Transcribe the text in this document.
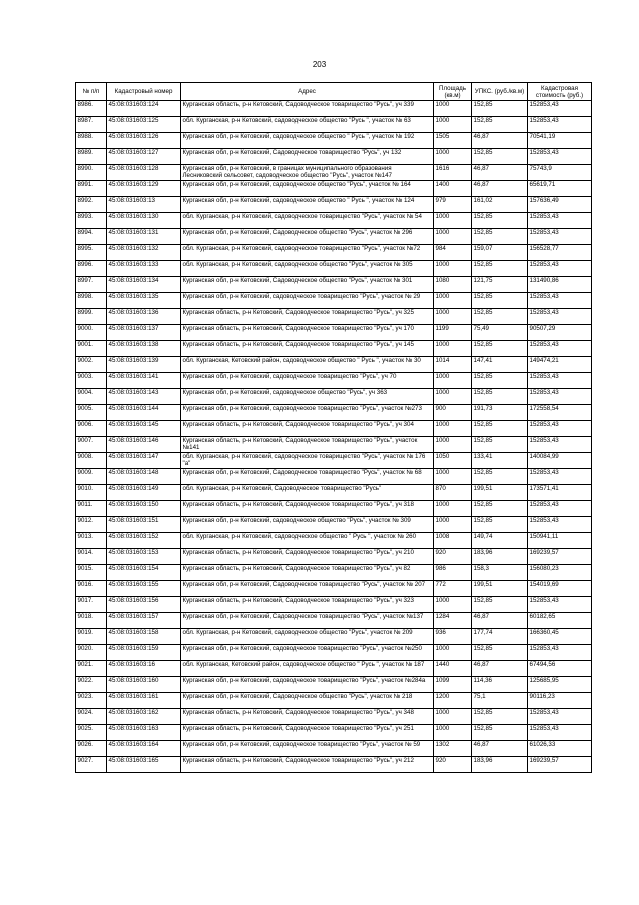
203
№ п/п	Кадастровый номер	Адрес	Площадь (кв.м)	УПКС. (руб./кв.м)	Кадастровая стоимость (руб.)
8986.	45:08:031603:124	Курганская область, р-н Кетовский, Садоводческое товарищество "Русь", уч 339	1000	152,85	152853,43
8987.	45:08:031603:125	обл. Курганская, р-н Кетовский, садоводческое общество "Русь ", участок № 63	1000	152,85	152853,43
8988.	45:08:031603:126	Курганская обл, р-н Кетовский, садоводческое общество " Русь ", участок № 192	1505	46,87	70541,19
8989.	45:08:031603:127	Курганская обл, р-н Кетовский, Садоводческое товарищество "Русь", уч 132	1000	152,85	152853,43
8990.	45:08:031603:128	Курганская обл, р-н Кетовский, в границах муниципального образования Лесниковский сельсовет, садоводческое общество "Русь", участок №147	1616	46,87	75743,9
8991.	45:08:031603:129	Курганская обл, р-н Кетовский, садоводческое общество "Русь", участок № 164	1400	46,87	65619,71
8992.	45:08:031603:13	Курганская обл, р-н Кетовский, садоводческое общество " Русь ", участок № 124	979	161,02	157636,49
8993.	45:08:031603:130	обл. Курганская, р-н Кетовский, садоводческое товарищество "Русь", участок № 54	1000	152,85	152853,43
8994.	45:08:031603:131	Курганская обл, р-н Кетовский, Садоводческое общество "Русь", участок № 296	1000	152,85	152853,43
8995.	45:08:031603:132	обл. Курганская, р-н Кетовский, садоводческое товарищество "Русь", участок №72	984	159,07	156528,77
8996.	45:08:031603:133	обл. Курганская, р-н Кетовский, садоводческое общество "Русь", участок № 305	1000	152,85	152853,43
8997.	45:08:031603:134	Курганская обл, р-н Кетовский, Садоводческое общество "Русь", участок № 301	1080	121,75	131490,86
8998.	45:08:031603:135	Курганская обл, р-н Кетовский, садоводческое товарищество "Русь", участок № 29	1000	152,85	152853,43
8999.	45:08:031603:136	Курганская область, р-н Кетовский, Садоводческое товарищество "Русь", уч 325	1000	152,85	152853,43
9000.	45:08:031603:137	Курганская область, р-н Кетовский, Садоводческое товарищество "Русь", уч 170	1199	75,49	90507,29
9001.	45:08:031603:138	Курганская область, р-н Кетовский, Садоводческое товарищество "Русь", уч 145	1000	152,85	152853,43
9002.	45:08:031603:139	обл. Курганская, Кетовский район, садоводческое общество " Русь ", участок № 30	1014	147,41	149474,21
9003.	45:08:031603:141	Курганская обл, р-н Кетовский, садоводческое товарищество "Русь", уч 70	1000	152,85	152853,43
9004.	45:08:031603:143	Курганская обл, р-н Кетовский, садоводческое общество "Русь", уч 363	1000	152,85	152853,43
9005.	45:08:031603:144	Курганская обл, р-н Кетовский, садоводческое товарищество "Русь", участок №273	900	191,73	172558,54
9006.	45:08:031603:145	Курганская область, р-н Кетовский, Садоводческое товарищество "Русь", уч 304	1000	152,85	152853,43
9007.	45:08:031603:146	Курганская область, р-н Кетовский, Садоводческое товарищество "Русь", участок №141	1000	152,85	152853,43
9008.	45:08:031603:147	обл. Курганская, р-н Кетовский, садоводческое товарищество "Русь", участок № 176 "а"	1050	133,41	140084,99
9009.	45:08:031603:148	Курганская обл, р-н Кетовский, Садоводческое товарищество "Русь", участок № 68	1000	152,85	152853,43
9010.	45:08:031603:149	обл. Курганская, р-н Кетовский, Садоводческое товарищество "Русь"	870	199,51	173571,41
9011.	45:08:031603:150	Курганская область, р-н Кетовский, Садоводческое товарищество "Русь", уч 318	1000	152,85	152853,43
9012.	45:08:031603:151	Курганская обл, р-н Кетовский, садоводческое общество "Русь", участок № 309	1000	152,85	152853,43
9013.	45:08:031603:152	обл. Курганская, р-н Кетовский, садоводческое общество " Русь ", участок № 260	1008	149,74	150941,11
9014.	45:08:031603:153	Курганская область, р-н Кетовский, Садоводческое товарищество "Русь", уч 210	920	183,96	169239,57
9015.	45:08:031603:154	Курганская область, р-н Кетовский, Садоводческое товарищество "Русь", уч 82	986	158,3	156080,23
9016.	45:08:031603:155	Курганская обл, р-н Кетовский, Садоводческое товарищество "Русь", участок № 207	772	199,51	154019,69
9017.	45:08:031603:156	Курганская область, р-н Кетовский, Садоводческое товарищество "Русь", уч 323	1000	152,85	152853,43
9018.	45:08:031603:157	Курганская обл, р-н Кетовский, Садоводческое товарищество "Русь", участок №137	1284	46,87	60182,65
9019.	45:08:031603:158	обл. Курганская, р-н Кетовский, садоводческое общество "Русь", участок № 209	936	177,74	166360,45
9020.	45:08:031603:159	Курганская обл, р-н Кетовский, садоводческое товарищество "Русь", участок №250	1000	152,85	152853,43
9021.	45:08:031603:16	обл. Курганская, Кетовский район, садоводческое общество " Русь ", участок № 187	1440	46,87	67494,56
9022.	45:08:031603:160	Курганская обл, р-н Кетовский, садоводческое товарищество "Русь", участок №284а	1099	114,36	125685,95
9023.	45:08:031603:161	Курганская обл, р-н Кетовский, Садоводческое общество "Русь", участок № 218	1200	75,1	90116,23
9024.	45:08:031603:162	Курганская область, р-н Кетовский, Садоводческое товарищество "Русь", уч 348	1000	152,85	152853,43
9025.	45:08:031603:163	Курганская область, р-н Кетовский, Садоводческое товарищество "Русь", уч 251	1000	152,85	152853,43
9026.	45:08:031603:164	Курганская обл, р-н Кетовский, садоводческое товарищество "Русь", участок № 59	1302	46,87	61026,33
9027.	45:08:031603:165	Курганская область, р-н Кетовский, Садоводческое товарищество "Русь", уч 212	920	183,96	169239,57
